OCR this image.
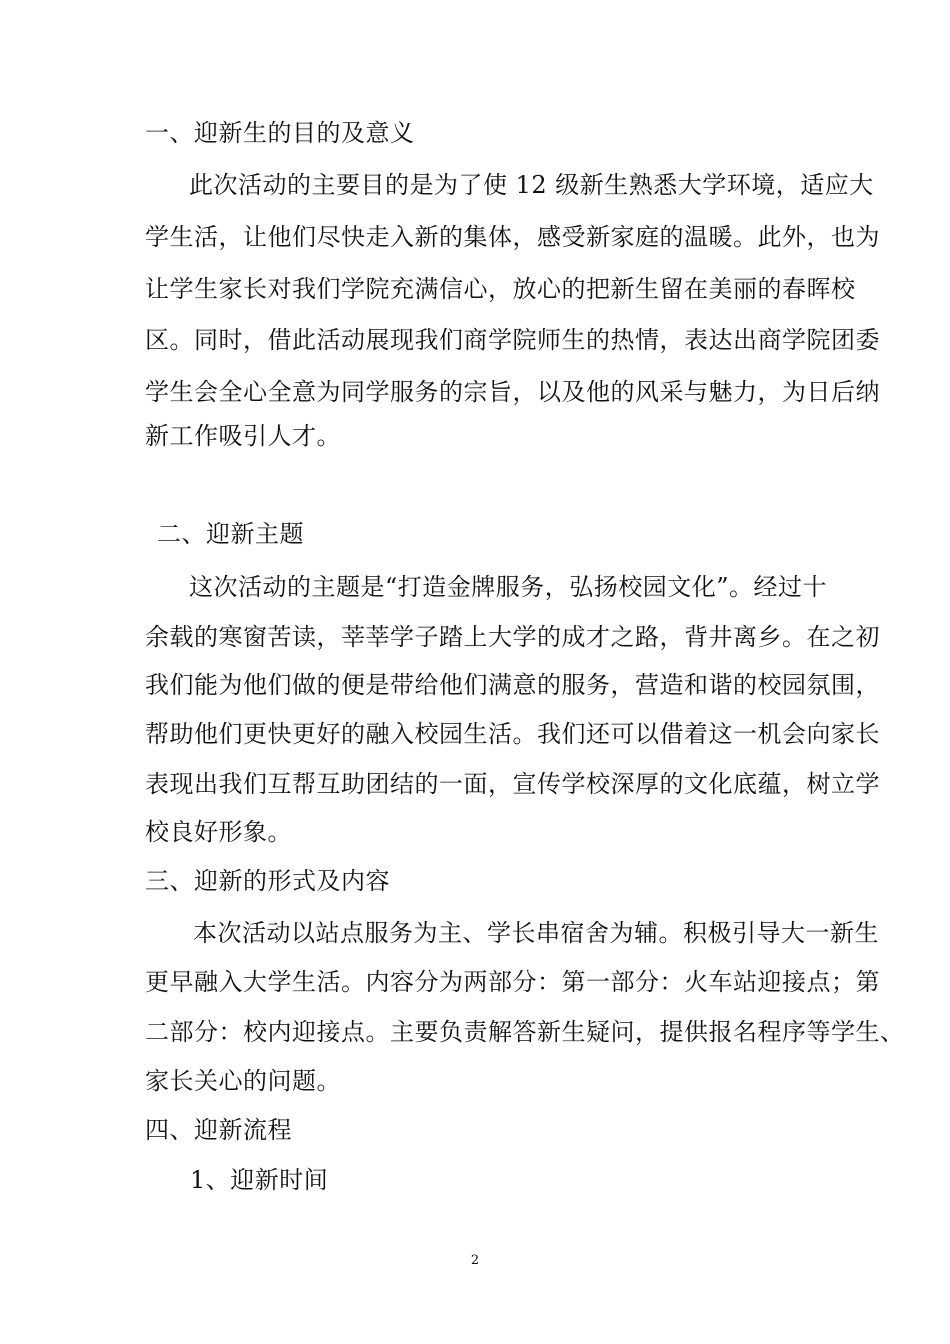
一、迎新生的目的及意义
此次活动的主要目的是为了使 12 级新生熟悉大学环境，适应大
学生活，让他们尽快走入新的集体，感受新家庭的温暖。此外，也为
让学生家长对我们学院充满信心，放心的把新生留在美丽的春晖校
区。同时，借此活动展现我们商学院师生的热情，表达出商学院团委
学生会全心全意为同学服务的宗旨，以及他的风采与魅力，为日后纳
新工作吸引人才。
二、迎新主题
这次活动的主题是“打造金牌服务，弘扬校园文化”。经过十
余载的寒窗苦读，莘莘学子踏上大学的成才之路，背井离乡。在之初
我们能为他们做的便是带给他们满意的服务，营造和谐的校园氛围，
帮助他们更快更好的融入校园生活。我们还可以借着这一机会向家长
表现出我们互帮互助团结的一面，宣传学校深厚的文化底蕴，树立学
校良好形象。
三、迎新的形式及内容
本次活动以站点服务为主、学长串宿舍为辅。积极引导大一新生
更早融入大学生活。内容分为两部分：第一部分：火车站迎接点；第
二部分：校内迎接点。主要负责解答新生疑问，提供报名程序等学生、
家长关心的问题。
四、迎新流程
1、迎新时间
2
